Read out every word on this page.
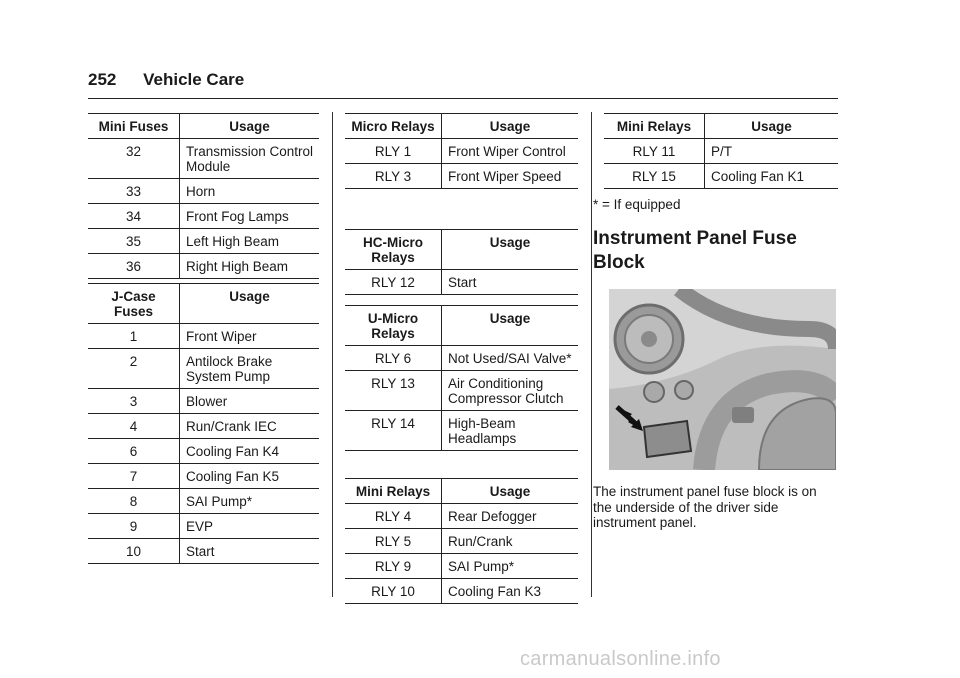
252 Vehicle Care
Mini Fuses	Usage
32	Transmission Control Module
33	Horn
34	Front Fog Lamps
35	Left High Beam
36	Right High Beam
J-Case Fuses	Usage
1	Front Wiper
2	Antilock Brake System Pump
3	Blower
4	Run/Crank IEC
6	Cooling Fan K4
7	Cooling Fan K5
8	SAI Pump*
9	EVP
10	Start
Micro Relays	Usage
RLY 1	Front Wiper Control
RLY 3	Front Wiper Speed
HC-Micro Relays	Usage
RLY 12	Start
U-Micro Relays	Usage
RLY 6	Not Used/SAI Valve*
RLY 13	Air Conditioning Compressor Clutch
RLY 14	High-Beam Headlamps
Mini Relays	Usage
RLY 4	Rear Defogger
RLY 5	Run/Crank
RLY 9	SAI Pump*
RLY 10	Cooling Fan K3
Mini Relays	Usage
RLY 11	P/T
RLY 15	Cooling Fan K1
* = If equipped
Instrument Panel Fuse Block
The instrument panel fuse block is on the underside of the driver side instrument panel.
carmanualsonline.info
